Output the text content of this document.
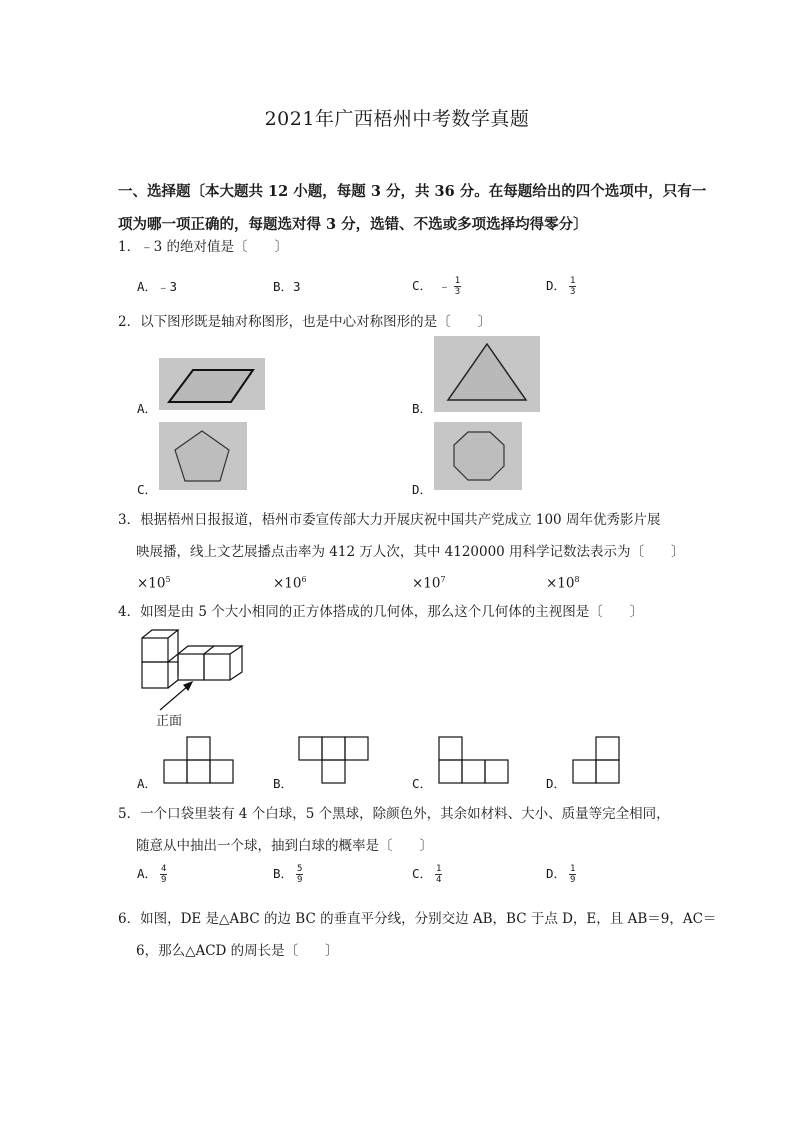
2021年广西梧州中考数学真题
一、选择题〔本大题共 12 小题，每题 3 分，共 36 分。在每题给出的四个选项中，只有一
项为哪一项正确的，每题选对得 3 分，选错、不选或多项选择均得零分〕
1．﹣3 的绝对值是〔　　〕
A．﹣3	B．3	C．　﹣ $\frac{1}{3}$	D． $\frac{1}{3}$
2．以下图形既是轴对称图形，也是中心对称图形的是〔　　〕
A．	B．
C．	D．
3．根据梧州日报报道，梧州市委宣传部大力开展庆祝中国共产党成立 100 周年优秀影片展
映展播，线上文艺展播点击率为 412 万人次，其中 4120000 用科学记数法表示为〔　　〕
$\times 10^5$	$\times 10^6$	$\times 10^7$	$\times 10^8$
4．如图是由 5 个大小相同的正方体搭成的几何体，那么这个几何体的主视图是〔　　〕
正面
A．	B．	C．	D．
5．一个口袋里装有 4 个白球，5 个黑球，除颜色外，其余如材料、大小、质量等完全相同，
随意从中抽出一个球，抽到白球的概率是〔　　〕
A． $\frac{4}{9}$	B． $\frac{5}{9}$	C． $\frac{1}{4}$	D． $\frac{1}{9}$
6．如图，DE 是△ABC 的边 BC 的垂直平分线，分别交边 AB，BC 于点 D，E，且 AB＝9，AC＝
6，那么△ACD 的周长是〔　　〕
